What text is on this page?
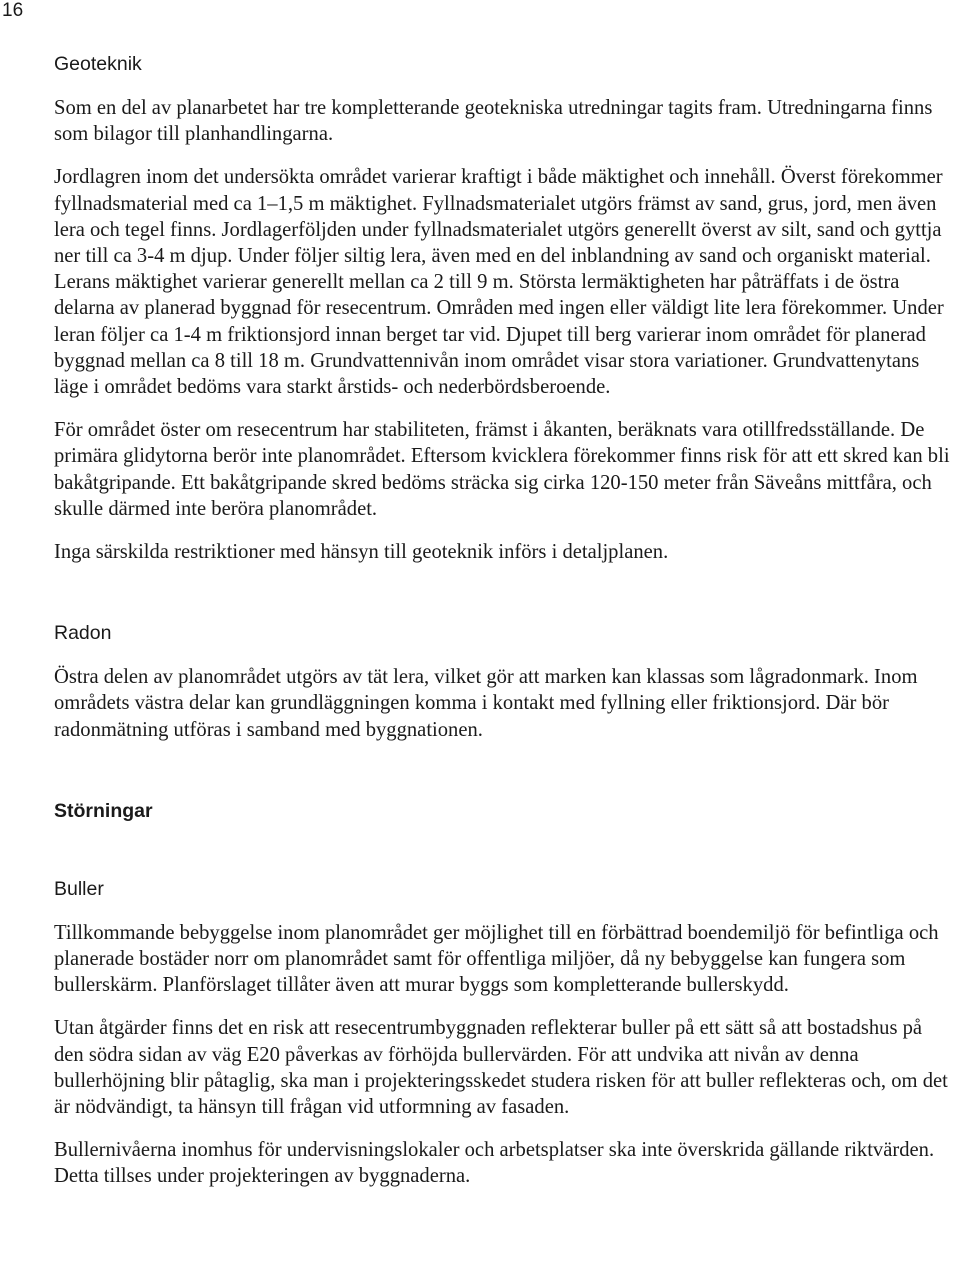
16
Geoteknik

Som en del av planarbetet har tre kompletterande geotekniska utredningar tagits fram. Utredningarna finns som bilagor till planhandlingarna.

Jordlagren inom det undersökta området varierar kraftigt i både mäktighet och innehåll. Överst förekommer fyllnadsmaterial med ca 1–1,5 m mäktighet. Fyllnadsmaterialet utgörs främst av sand, grus, jord, men även lera och tegel finns. Jordlagerföljden under fyllnadsmaterialet utgörs generellt överst av silt, sand och gyttja ner till ca 3-4 m djup. Under följer siltig lera, även med en del inblandning av sand och organiskt material. Lerans mäktighet varierar generellt mellan ca 2 till 9 m. Största lermäktigheten har påträffats i de östra delarna av planerad byggnad för resecentrum. Områden med ingen eller väldigt lite lera förekommer. Under leran följer ca 1-4 m friktionsjord innan berget tar vid. Djupet till berg varierar inom området för planerad byggnad mellan ca 8 till 18 m. Grundvattennivån inom området visar stora variationer. Grundvattenytans läge i området bedöms vara starkt årstids- och nederbördsberoende.

För området öster om resecentrum har stabiliteten, främst i åkanten, beräknats vara otillfredsställande. De primära glidytorna berör inte planområdet. Eftersom kvicklera förekommer finns risk för att ett skred kan bli bakåtgripande. Ett bakåtgripande skred bedöms sträcka sig cirka 120-150 meter från Säveåns mittfåra, och skulle därmed inte beröra planområdet.

Inga särskilda restriktioner med hänsyn till geoteknik införs i detaljplanen.

Radon

Östra delen av planområdet utgörs av tät lera, vilket gör att marken kan klassas som lågradonmark. Inom områdets västra delar kan grundläggningen komma i kontakt med fyllning eller friktionsjord. Där bör radonmätning utföras i samband med byggnationen.

Störningar
Buller

Tillkommande bebyggelse inom planområdet ger möjlighet till en förbättrad boendemiljö för befintliga och planerade bostäder norr om planområdet samt för offentliga miljöer, då ny bebyggelse kan fungera som bullerskärm. Planförslaget tillåter även att murar byggs som kompletterande bullerskydd.

Utan åtgärder finns det en risk att resecentrumbyggnaden reflekterar buller på ett sätt så att bostadshus på den södra sidan av väg E20 påverkas av förhöjda bullervärden. För att undvika att nivån av denna bullerhöjning blir påtaglig, ska man i projekteringsskedet studera risken för att buller reflekteras och, om det är nödvändigt, ta hänsyn till frågan vid utformning av fasaden.

Bullernivåerna inomhus för undervisningslokaler och arbetsplatser ska inte överskrida gällande riktvärden. Detta tillses under projekteringen av byggnaderna.
